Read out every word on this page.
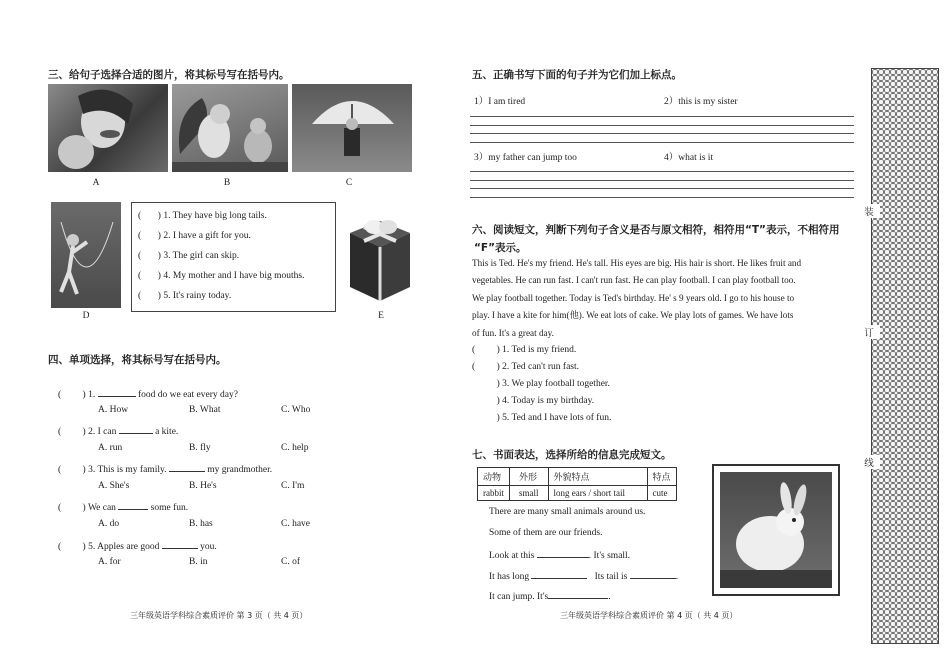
三、给句子选择合适的图片，将其标号写在括号内。
A	B	C
D
( ) 1. They have big long tails.
( ) 2. I have a gift for you.
( ) 3. The girl can skip.
( ) 4. My mother and I have big mouths.
( ) 5. It's rainy today.
E
四、单项选择，将其标号写在括号内。
( ) 1.	food do we eat every day?
A. How	B. What	C. Who
( ) 2. I can	a kite.
A. run	B. fly	C. help
( ) 3. This is my family.	my grandmother.
A. She's	B. He's	C. I'm
( ) We can	some fun.
A. do	B. has	C. have
( ) 5. Apples are good	you.
A. for	B. in	C. of
三年级英语学科综合素质评价 第 3 页（ 共 4 页）
五、正确书写下面的句子并为它们加上标点。
1）I am tired	2）this is my sister
3）my father can jump too	4）what is it
六、阅读短文，判断下列句子含义是否与原文相符，相符用“T”表示，不相符用
“F”表示。
This is Ted. He's my friend. He's tall. His eyes are big. His hair is short. He likes fruit and
vegetables. He can run fast. I can't run fast. He can play football. I can play football too.
We play football together. Today is Ted's birthday. He' s 9 years old. I go to his house to
play. I have a kite for him(他). We eat lots of cake. We play lots of games. We have lots
of fun. It's a great day.
( ) 1. Ted is my friend.
( ) 2. Ted can't run fast.
) 3. We play football together.
) 4. Today is my birthday.
) 5. Ted and I have lots of fun.
七、书面表达，选择所给的信息完成短文。
动物	外形	外貌特点	特点
rabbit	small	long ears / short tail	cute
There are many small animals around us.
Some of them are our friends.
Look at this	. It's small.
It has long	Its tail is	.
It can jump. It's	.
三年级英语学科综合素质评价 第 4 页（ 共 4 页）
装
订
线
